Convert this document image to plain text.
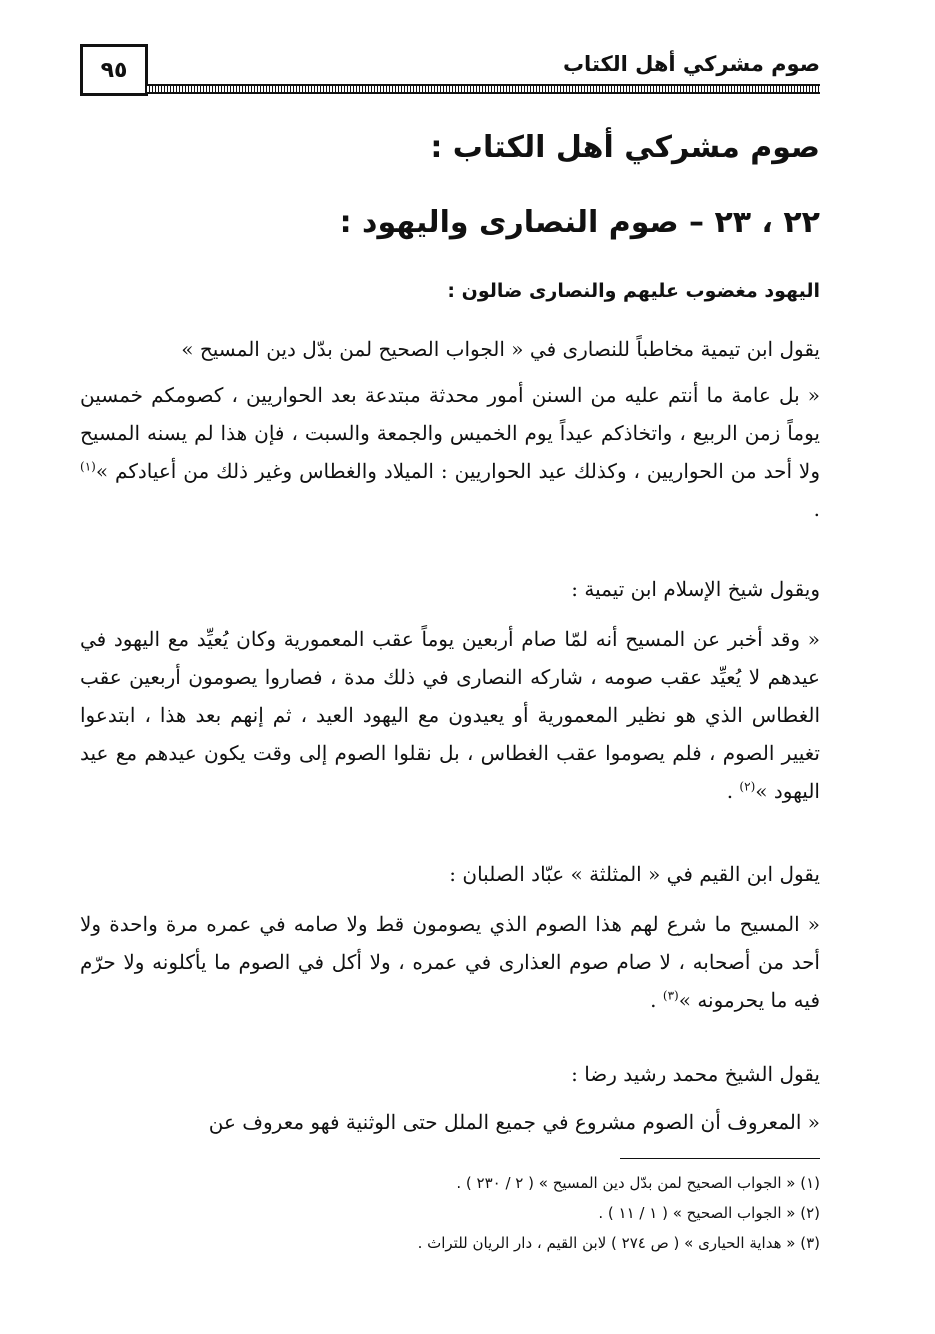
٩٥	صوم مشركي أهل الكتاب
صوم مشركي أهل الكتاب :
٢٢ ، ٢٣ – صوم النصارى واليهود :
اليهود مغضوب عليهم والنصارى ضالون :
يقول ابن تيمية مخاطباً للنصارى في « الجواب الصحيح لمن بدّل دين المسيح »
« بل عامة ما أنتم عليه من السنن أمور محدثة مبتدعة بعد الحواريين ، كصومكم خمسين يوماً زمن الربيع ، واتخاذكم عيداً يوم الخميس والجمعة والسبت ، فإن هذا لم يسنه المسيح ولا أحد من الحواريين ، وكذلك عيد الحواريين : الميلاد والغطاس وغير ذلك من أعيادكم »$^{(١)}$ .
ويقول شيخ الإسلام ابن تيمية :
« وقد أخبر عن المسيح أنه لمّا صام أربعين يوماً عقب المعمورية وكان يُعيِّد مع اليهود في عيدهم لا يُعيِّد عقب صومه ، شاركه النصارى في ذلك مدة ، فصاروا يصومون أربعين عقب الغطاس الذي هو نظير المعمورية أو يعيدون مع اليهود العيد ، ثم إنهم بعد هذا ، ابتدعوا تغيير الصوم ، فلم يصوموا عقب الغطاس ، بل نقلوا الصوم إلى وقت يكون عيدهم مع عيد اليهود »$^{(٢)}$ .
يقول ابن القيم في « المثلثة » عبّاد الصلبان :
« المسيح ما شرع لهم هذا الصوم الذي يصومون قط ولا صامه في عمره مرة واحدة ولا أحد من أصحابه ، لا صام صوم العذارى في عمره ، ولا أكل في الصوم ما يأكلونه ولا حرّم فيه ما يحرمونه »$^{(٣)}$ .
يقول الشيخ محمد رشيد رضا :
« المعروف أن الصوم مشروع في جميع الملل حتى الوثنية فهو معروف عن
(١) « الجواب الصحيح لمن بدّل دين المسيح » ( ٢ / ٢٣٠ ) .
(٢) « الجواب الصحيح » ( ١ / ١١ ) .
(٣) « هداية الحيارى » ( ص ٢٧٤ ) لابن القيم ، دار الريان للتراث .
